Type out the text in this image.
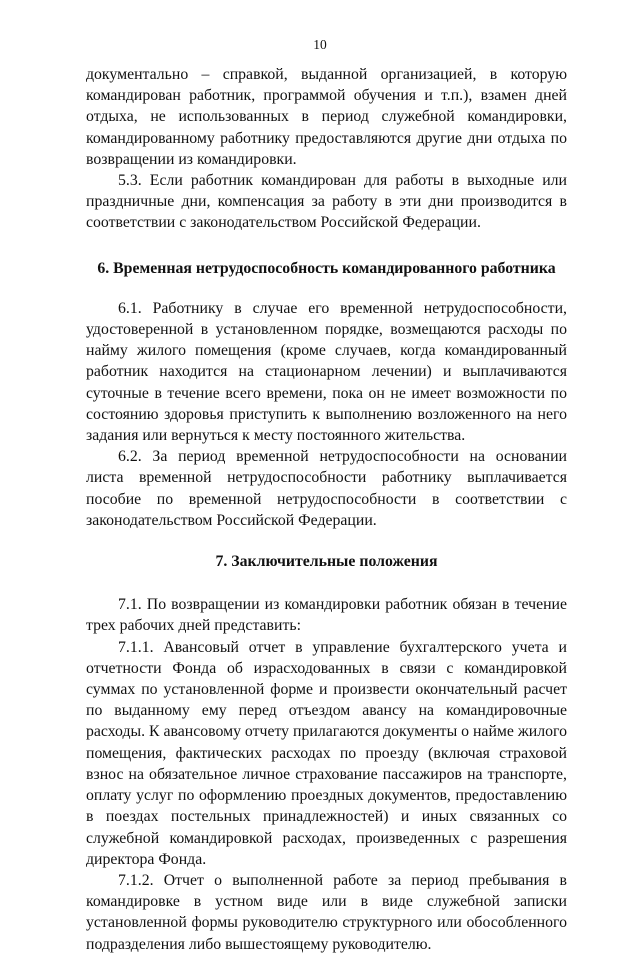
10

документально – справкой, выданной организацией, в которую командирован работник, программой обучения и т.п.), взамен дней отдыха, не использованных в период служебной командировки, командированному работнику предоставляются другие дни отдыха по возвращении из командировки.

5.3. Если работник командирован для работы в выходные или праздничные дни, компенсация за работу в эти дни производится в соответствии с законодательством Российской Федерации.

6. Временная нетрудоспособность командированного работника

6.1. Работнику в случае его временной нетрудоспособности, удостоверенной в установленном порядке, возмещаются расходы по найму жилого помещения (кроме случаев, когда командированный работник находится на стационарном лечении) и выплачиваются суточные в течение всего времени, пока он не имеет возможности по состоянию здоровья приступить к выполнению возложенного на него задания или вернуться к месту постоянного жительства.

6.2. За период временной нетрудоспособности на основании листа временной нетрудоспособности работнику выплачивается пособие по временной нетрудоспособности в соответствии с законодательством Российской Федерации.

7. Заключительные положения

7.1. По возвращении из командировки работник обязан в течение трех рабочих дней представить:

7.1.1. Авансовый отчет в управление бухгалтерского учета и отчетности Фонда об израсходованных в связи с командировкой суммах по установленной форме и произвести окончательный расчет по выданному ему перед отъездом авансу на командировочные расходы. К авансовому отчету прилагаются документы о найме жилого помещения, фактических расходах по проезду (включая страховой взнос на обязательное личное страхование пассажиров на транспорте, оплату услуг по оформлению проездных документов, предоставлению в поездах постельных принадлежностей) и иных связанных со служебной командировкой расходах, произведенных с разрешения директора Фонда.

7.1.2. Отчет о выполненной работе за период пребывания в командировке в устном виде или в виде служебной записки установленной формы руководителю структурного или обособленного подразделения либо вышестоящему руководителю.
